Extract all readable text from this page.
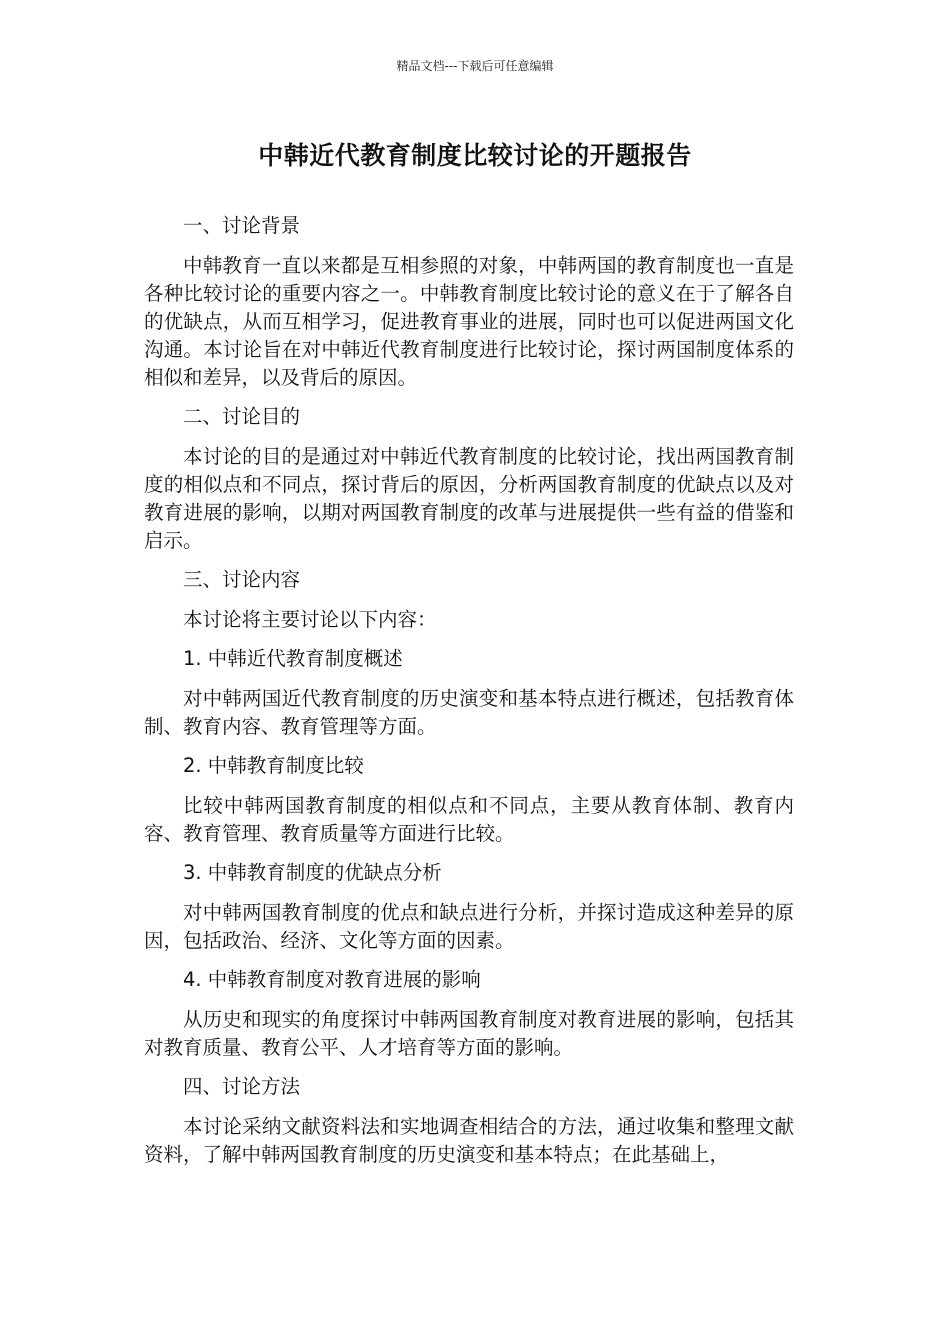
精品文档---下载后可任意编辑
中韩近代教育制度比较讨论的开题报告

一、讨论背景

中韩教育一直以来都是互相参照的对象，中韩两国的教育制度也一直是各种比较讨论的重要内容之一。中韩教育制度比较讨论的意义在于了解各自的优缺点，从而互相学习，促进教育事业的进展，同时也可以促进两国文化沟通。本讨论旨在对中韩近代教育制度进行比较讨论，探讨两国制度体系的相似和差异，以及背后的原因。

二、讨论目的

本讨论的目的是通过对中韩近代教育制度的比较讨论，找出两国教育制度的相似点和不同点，探讨背后的原因，分析两国教育制度的优缺点以及对教育进展的影响，以期对两国教育制度的改革与进展提供一些有益的借鉴和启示。

三、讨论内容

本讨论将主要讨论以下内容：

1. 中韩近代教育制度概述

对中韩两国近代教育制度的历史演变和基本特点进行概述，包括教育体制、教育内容、教育管理等方面。

2. 中韩教育制度比较

比较中韩两国教育制度的相似点和不同点，主要从教育体制、教育内容、教育管理、教育质量等方面进行比较。

3. 中韩教育制度的优缺点分析

对中韩两国教育制度的优点和缺点进行分析，并探讨造成这种差异的原因，包括政治、经济、文化等方面的因素。

4. 中韩教育制度对教育进展的影响

从历史和现实的角度探讨中韩两国教育制度对教育进展的影响，包括其对教育质量、教育公平、人才培育等方面的影响。

四、讨论方法

本讨论采纳文献资料法和实地调查相结合的方法，通过收集和整理文献资料，了解中韩两国教育制度的历史演变和基本特点；在此基础上，
